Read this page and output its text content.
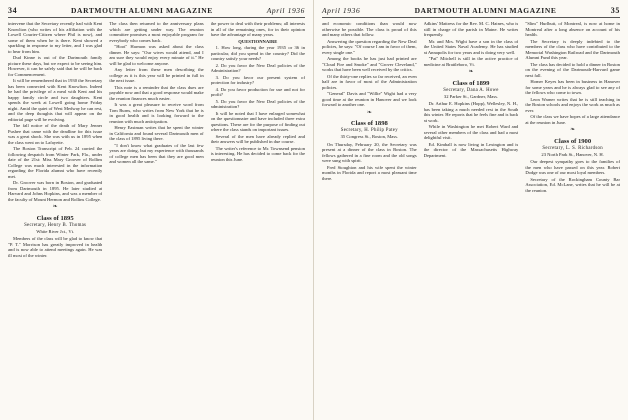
34	DARTMOUTH ALUMNI MAGAZINE	April 1936

intervene that the Secretary recently had with Kent Knowlton (who writes of his affiliation with the Lowell Courier-Citizen where Phil is now), and some of them when he is there. Kent showed a sparkling in response to my letter, and I was glad to hear from him.

Dud Kinne is out of the Dartmouth family picture these days, but we expect to be seeing him. However, it can be safely said that he will be back for Commencement.

It will be remembered that in 1930 the Secretary has been connected with Kent Knowlton. Indeed he had the privilege of a meal with Kent and his happy family circle and two daughters. Kent spends the week at Lowell going home Friday night. Amid the quiet of West Medway he can rest, and the deep thoughts that will appear on the editorial page will be evolving.

The fall notice of the death of Mary Jenner Pushee that came with the deadline for this issue was a great shock. She was with us in 1895 when the class went on to Lafayette.

The Boston Transcript of Feb. 24 carried the following despatch from Winter Park, Fla., under date of the 21st: Miss Mary Groover of Rollins College was much interested in the information regarding the Florida alumni who have recently met.

Dr. Groover was born in Boston, and graduated from Dartmouth in 1895. He later studied at Harvard and Johns Hopkins, and was a member of the faculty of Mount Hermon and Rollins College.

❧
Class of 1895
Secretary, Henry B. Thomas
White River Jct., Vt.

Members of the class will be glad to know that "P. T." Morrison has greatly improved in health and is now able to attend meetings again. He was ill most of the winter.

The class then returned to the anniversary plans which are getting under way. The reunion committee promises a most enjoyable program for everybody who comes back.

"Hoot" Harmon was asked about the class dinner. He says: "Our wives would attend, and I am sure they would enjoy every minute of it." He will be glad to welcome anyone.

Any letter from these men describing the college as it is this year will be printed in full in the next issue.

This note is a reminder that the class dues are payable now and that a good response would make the reunion finances much easier.

It was a great pleasure to receive word from Tom Burns, who writes from New York that he is in good health and is looking forward to the reunion with much anticipation.

Henry Eastman writes that he spent the winter in California and found several Dartmouth men of the class of 1895 living there.

"I don't know what graduates of the last few years are doing, but my experience with thousands of college men has been that they are good men and women all the same."

the power to deal with their problems; all interests in all of the remaining ones, for in their opinion have the advantage of many years.

QUESTIONNAIRE

1. How long, during the year 1935 or 36 in particular, did you spend in the country? Did the country satisfy your needs?

2. Do you favor the New Deal policies of the Administration?

3. Do you favor our present system of protection for industry?

4. Do you favor production for use and not for profit?

5. Do you favor the New Deal policies of the administration?

It will be noted that I have enlarged somewhat on the questionnaire and have included three extra questions. These are for the purpose of finding out where the class stands on important issues.

Several of the men have already replied and their answers will be published in due course.

The writer's reference to Mr. Townsend pension is interesting. He has decided to come back for the reunion this June.

April 1936	DARTMOUTH ALUMNI MAGAZINE	35

and economic conditions than would now otherwise be possible. The class is proud of this and many others that follow.

Answering the question regarding the New Deal policies, he says: "Of course I am in favor of them, every single one."

Among the books he has just had printed are "Cloud Fire and Smoke" and "Grover Cleveland," works that have been well received by the critics.

Of the thirty-one replies so far received, an even half are in favor of most of the Administration policies.

"General" Davis and "Willie" Wight had a very good time at the reunion in Hanover and we look forward to another one.

❧
Class of 1898
Secretary, H. Philip Patey
35 Congress St., Boston, Mass.

On Thursday, February 20, the Secretary was present at a dinner of the class in Boston. The fellows gathered in a fine room and the old songs were sung with spirit.

Fred Stoughton and his wife spent the winter months in Florida and report a most pleasant time there.

Adkins' Mattress for the Rev. M. C. Haines, who is still in charge of the parish in Maine. He writes frequently.

Mr. and Mrs. Wight have a son in the class of the United States Naval Academy. He has studied at Annapolis for two years and is doing very well.

"Pat" Mitchell is still in the active practice of medicine at Brattleboro, Vt.

❧
Class of 1899
Secretary, Dana A. Howe
32 Parker St., Gardner, Mass.

Dr. Arthur E. Hopkins (Hopp), Wellesley, N. H., has been taking a much needed rest in the South this winter. He reports that he feels fine and is back at work.

While in Washington he met Robert Ward and several other members of the class and had a most delightful visit.

Ed. Kimball is now living in Lexington and is the director of the Massachusetts Highway Department.

"Slim" Hurlbutt, of Montreal, is now at home in Montreal after a long absence on account of his health.

The Secretary is deeply indebted to the members of the class who have contributed to the Memorial Washington Railroad and the Dartmouth Alumni Fund this year.

The class has decided to hold a dinner in Boston on the evening of the Dartmouth-Harvard game next fall.

Homer Keyes has been in business in Hanover for some years and he is always glad to see any of the fellows who come to town.

Leon Warner writes that he is still teaching in the Boston schools and enjoys the work as much as ever.

Of the class we have hopes of a large attendance at the reunion in June.

❧
Class of 1900
Secretary, L. S. Richardson
23 North Park St., Hanover, N. H.

Our deepest sympathy goes to the families of the men who have passed on this year. Robert Dodge was one of our most loyal members.

Secretary of the Rockingham County Bar Association, Ed. McLane, writes that he will be at the reunion.
